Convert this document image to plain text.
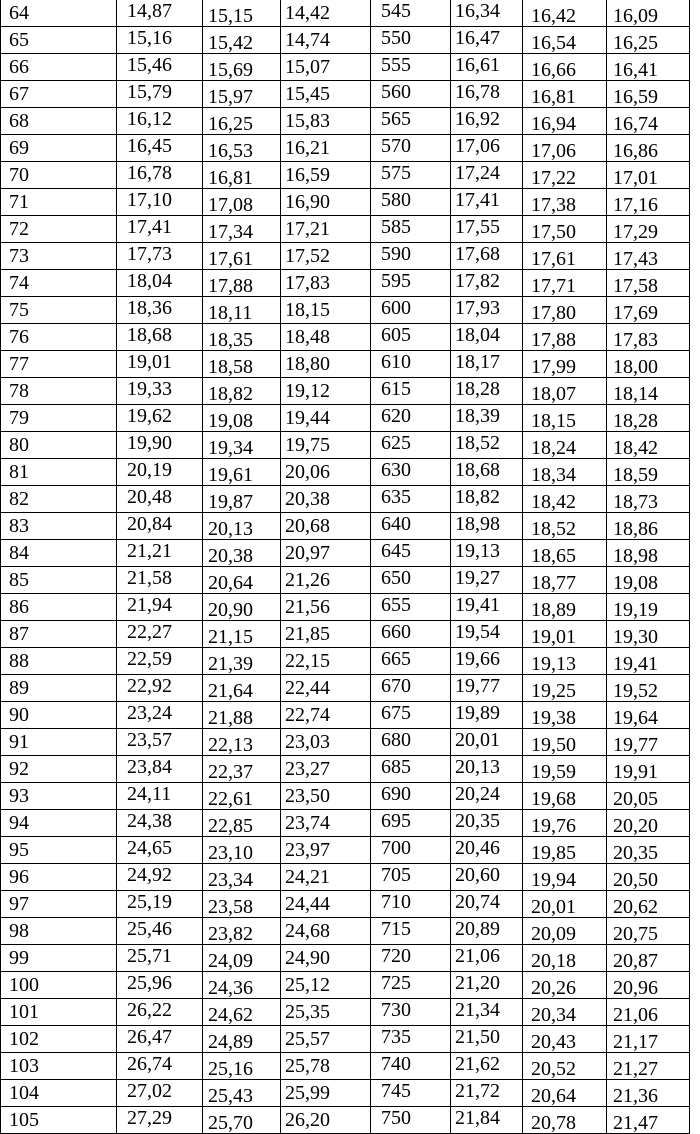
64	14,87	15,15	14,42	545	16,34	16,42	16,09
65	15,16	15,42	14,74	550	16,47	16,54	16,25
66	15,46	15,69	15,07	555	16,61	16,66	16,41
67	15,79	15,97	15,45	560	16,78	16,81	16,59
68	16,12	16,25	15,83	565	16,92	16,94	16,74
69	16,45	16,53	16,21	570	17,06	17,06	16,86
70	16,78	16,81	16,59	575	17,24	17,22	17,01
71	17,10	17,08	16,90	580	17,41	17,38	17,16
72	17,41	17,34	17,21	585	17,55	17,50	17,29
73	17,73	17,61	17,52	590	17,68	17,61	17,43
74	18,04	17,88	17,83	595	17,82	17,71	17,58
75	18,36	18,11	18,15	600	17,93	17,80	17,69
76	18,68	18,35	18,48	605	18,04	17,88	17,83
77	19,01	18,58	18,80	610	18,17	17,99	18,00
78	19,33	18,82	19,12	615	18,28	18,07	18,14
79	19,62	19,08	19,44	620	18,39	18,15	18,28
80	19,90	19,34	19,75	625	18,52	18,24	18,42
81	20,19	19,61	20,06	630	18,68	18,34	18,59
82	20,48	19,87	20,38	635	18,82	18,42	18,73
83	20,84	20,13	20,68	640	18,98	18,52	18,86
84	21,21	20,38	20,97	645	19,13	18,65	18,98
85	21,58	20,64	21,26	650	19,27	18,77	19,08
86	21,94	20,90	21,56	655	19,41	18,89	19,19
87	22,27	21,15	21,85	660	19,54	19,01	19,30
88	22,59	21,39	22,15	665	19,66	19,13	19,41
89	22,92	21,64	22,44	670	19,77	19,25	19,52
90	23,24	21,88	22,74	675	19,89	19,38	19,64
91	23,57	22,13	23,03	680	20,01	19,50	19,77
92	23,84	22,37	23,27	685	20,13	19,59	19,91
93	24,11	22,61	23,50	690	20,24	19,68	20,05
94	24,38	22,85	23,74	695	20,35	19,76	20,20
95	24,65	23,10	23,97	700	20,46	19,85	20,35
96	24,92	23,34	24,21	705	20,60	19,94	20,50
97	25,19	23,58	24,44	710	20,74	20,01	20,62
98	25,46	23,82	24,68	715	20,89	20,09	20,75
99	25,71	24,09	24,90	720	21,06	20,18	20,87
100	25,96	24,36	25,12	725	21,20	20,26	20,96
101	26,22	24,62	25,35	730	21,34	20,34	21,06
102	26,47	24,89	25,57	735	21,50	20,43	21,17
103	26,74	25,16	25,78	740	21,62	20,52	21,27
104	27,02	25,43	25,99	745	21,72	20,64	21,36
105	27,29	25,70	26,20	750	21,84	20,78	21,47
